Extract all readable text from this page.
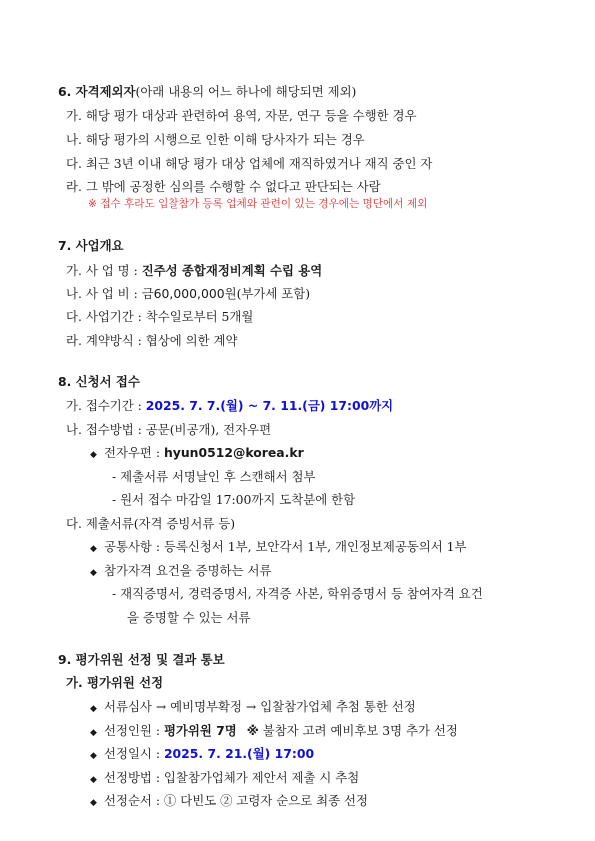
6. 자격제외자(아래 내용의 어느 하나에 해당되면 제외)
가. 해당 평가 대상과 관련하여 용역, 자문, 연구 등을 수행한 경우
나. 해당 평가의 시행으로 인한 이해 당사자가 되는 경우
다. 최근 3년 이내 해당 평가 대상 업체에 재직하였거나 재직 중인 자
라. 그 밖에 공정한 심의를 수행할 수 없다고 판단되는 사람
※ 접수 후라도 입찰참가 등록 업체와 관련이 있는 경우에는 명단에서 제외
7. 사업개요
가. 사 업 명 : 진주성 종합재정비계획 수립 용역
나. 사 업 비 : 금60,000,000원(부가세 포함)
다. 사업기간 : 착수일로부터 5개월
라. 계약방식 : 협상에 의한 계약
8. 신청서 접수
가. 접수기간 : 2025. 7. 7.(월) ~ 7. 11.(금) 17:00까지
나. 접수방법 : 공문(비공개), 전자우편
◆ 전자우편 : hyun0512@korea.kr
- 제출서류 서명날인 후 스캔해서 첨부
- 원서 접수 마감일 17:00까지 도착분에 한함
다. 제출서류(자격 증빙서류 등)
◆ 공통사항 : 등록신청서 1부, 보안각서 1부, 개인정보제공동의서 1부
◆ 참가자격 요건을 증명하는 서류
- 재직증명서, 경력증명서, 자격증 사본, 학위증명서 등 참여자격 요건
을 증명할 수 있는 서류
9. 평가위원 선정 및 결과 통보
가. 평가위원 선정
◆ 서류심사 → 예비명부확정 → 입찰참가업체 추첨 통한 선정
◆ 선정인원 : 평가위원 7명 ※ 불참자 고려 예비후보 3명 추가 선정
◆ 선정일시 : 2025. 7. 21.(월) 17:00
◆ 선정방법 : 입찰참가업체가 제안서 제출 시 추첨
◆ 선정순서 : ① 다빈도 ② 고령자 순으로 최종 선정
